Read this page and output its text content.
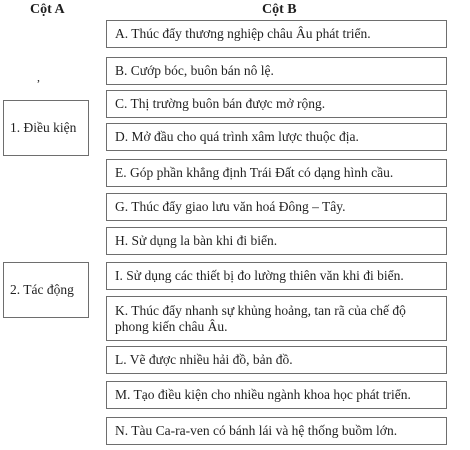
Cột A	Cột B
,
1. Điều kiện
2. Tác động
A. Thúc đẩy thương nghiệp châu Âu phát triển.
B. Cướp bóc, buôn bán nô lệ.
C. Thị trường buôn bán được mở rộng.
D. Mở đầu cho quá trình xâm lược thuộc địa.
E. Góp phần khẳng định Trái Đất có dạng hình cầu.
G. Thúc đẩy giao lưu văn hoá Đông – Tây.
H. Sử dụng la bàn khi đi biển.
I. Sử dụng các thiết bị đo lường thiên văn khi đi biển.
K. Thúc đẩy nhanh sự khủng hoảng, tan rã của chế độ phong kiến châu Âu.
L. Vẽ được nhiều hải đồ, bản đồ.
M. Tạo điều kiện cho nhiều ngành khoa học phát triển.
N. Tàu Ca-ra-ven có bánh lái và hệ thống buồm lớn.
